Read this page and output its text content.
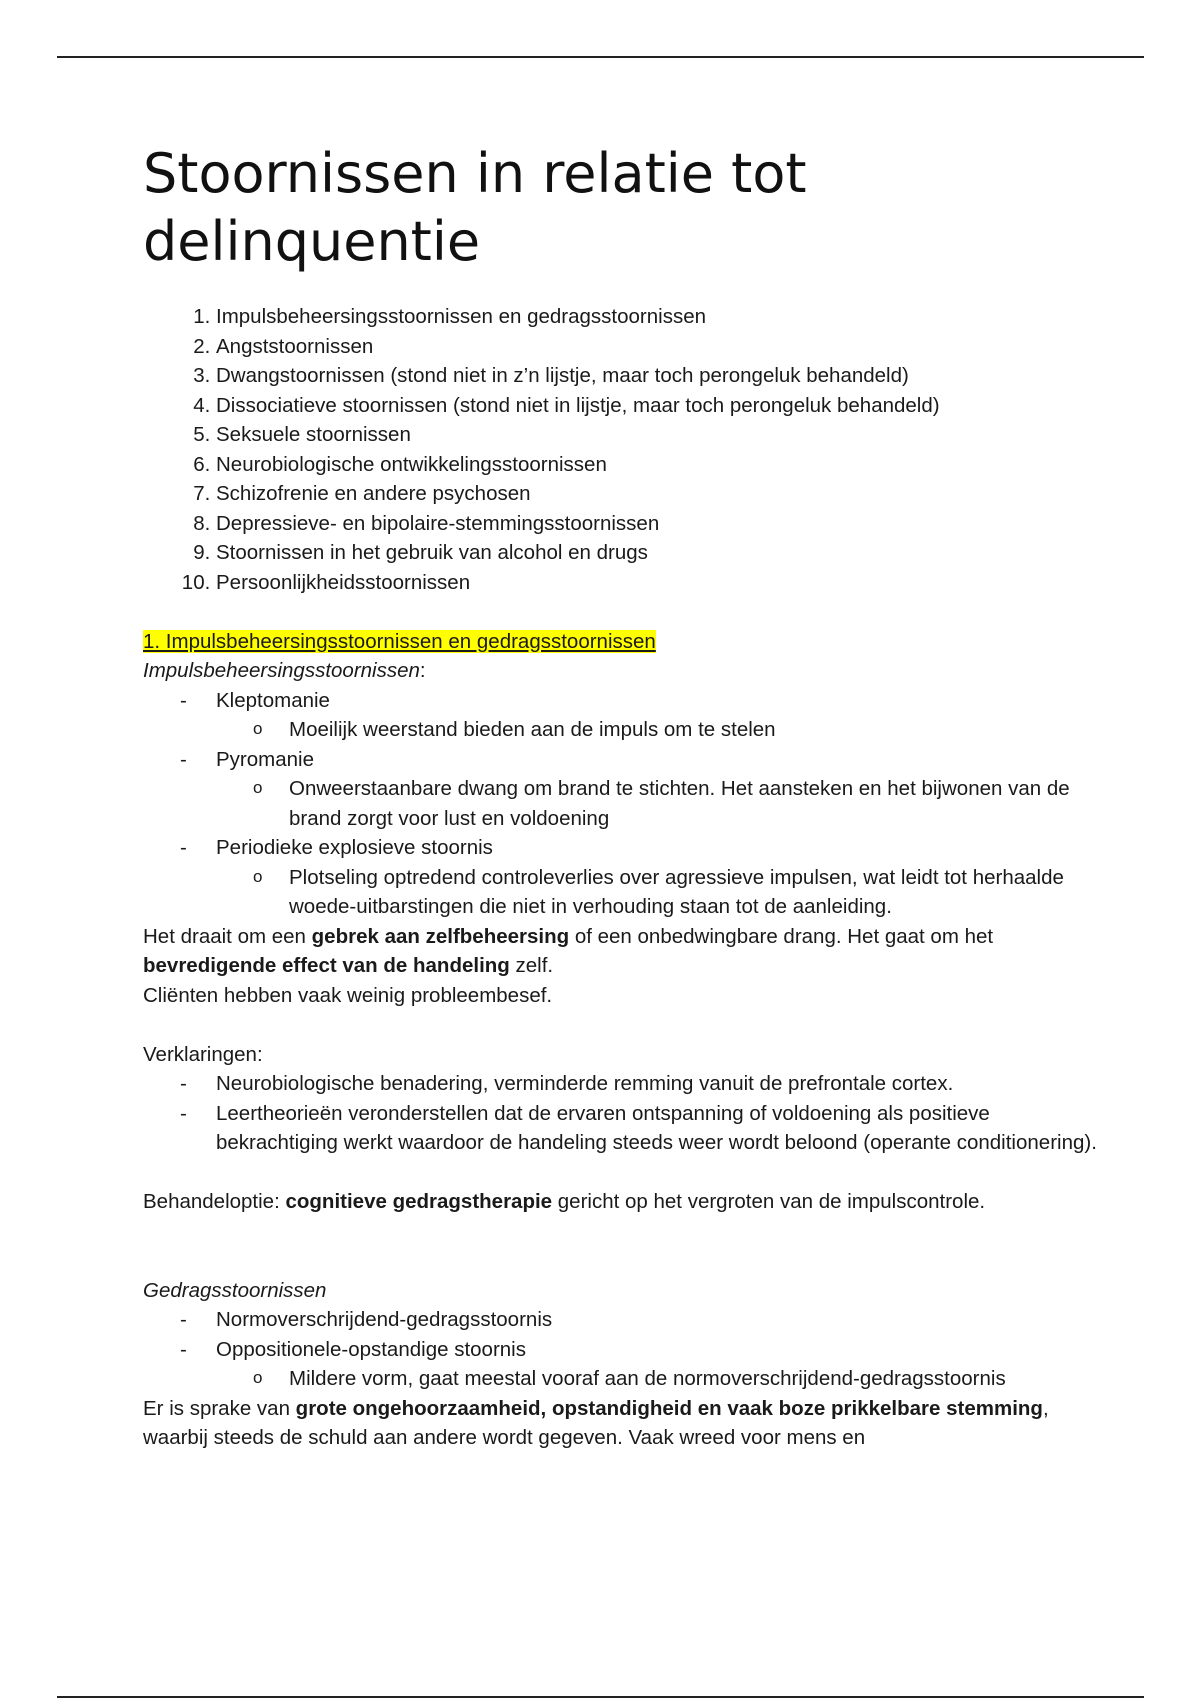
Stoornissen in relatie tot delinquentie
1. Impulsbeheersingsstoornissen en gedragsstoornissen
2. Angststoornissen
3. Dwangstoornissen (stond niet in z’n lijstje, maar toch perongeluk behandeld)
4. Dissociatieve stoornissen (stond niet in lijstje, maar toch perongeluk behandeld)
5. Seksuele stoornissen
6. Neurobiologische ontwikkelingsstoornissen
7. Schizofrenie en andere psychosen
8. Depressieve- en bipolaire-stemmingsstoornissen
9. Stoornissen in het gebruik van alcohol en drugs
10. Persoonlijkheidsstoornissen

1. Impulsbeheersingsstoornissen en gedragsstoornissen

Impulsbeheersingsstoornissen:

- Kleptomanie
o Moeilijk weerstand bieden aan de impuls om te stelen
- Pyromanie
o Onweerstaanbare dwang om brand te stichten. Het aansteken en het bijwonen van de brand zorgt voor lust en voldoening
- Periodieke explosieve stoornis
o Plotseling optredend controleverlies over agressieve impulsen, wat leidt tot herhaalde woede-uitbarstingen die niet in verhouding staan tot de aanleiding.

Het draait om een gebrek aan zelfbeheersing of een onbedwingbare drang. Het gaat om het bevredigende effect van de handeling zelf.

Cliënten hebben vaak weinig probleembesef.

Verklaringen:

- Neurobiologische benadering, verminderde remming vanuit de prefrontale cortex.
- Leertheorieën veronderstellen dat de ervaren ontspanning of voldoening als positieve bekrachtiging werkt waardoor de handeling steeds weer wordt beloond (operante conditionering).

Behandeloptie: cognitieve gedragstherapie gericht op het vergroten van de impulscontrole.

Gedragsstoornissen

- Normoverschrijdend-gedragsstoornis
- Oppositionele-opstandige stoornis
o Mildere vorm, gaat meestal vooraf aan de normoverschrijdend-gedragsstoornis

Er is sprake van grote ongehoorzaamheid, opstandigheid en vaak boze prikkelbare stemming, waarbij steeds de schuld aan andere wordt gegeven. Vaak wreed voor mens en
